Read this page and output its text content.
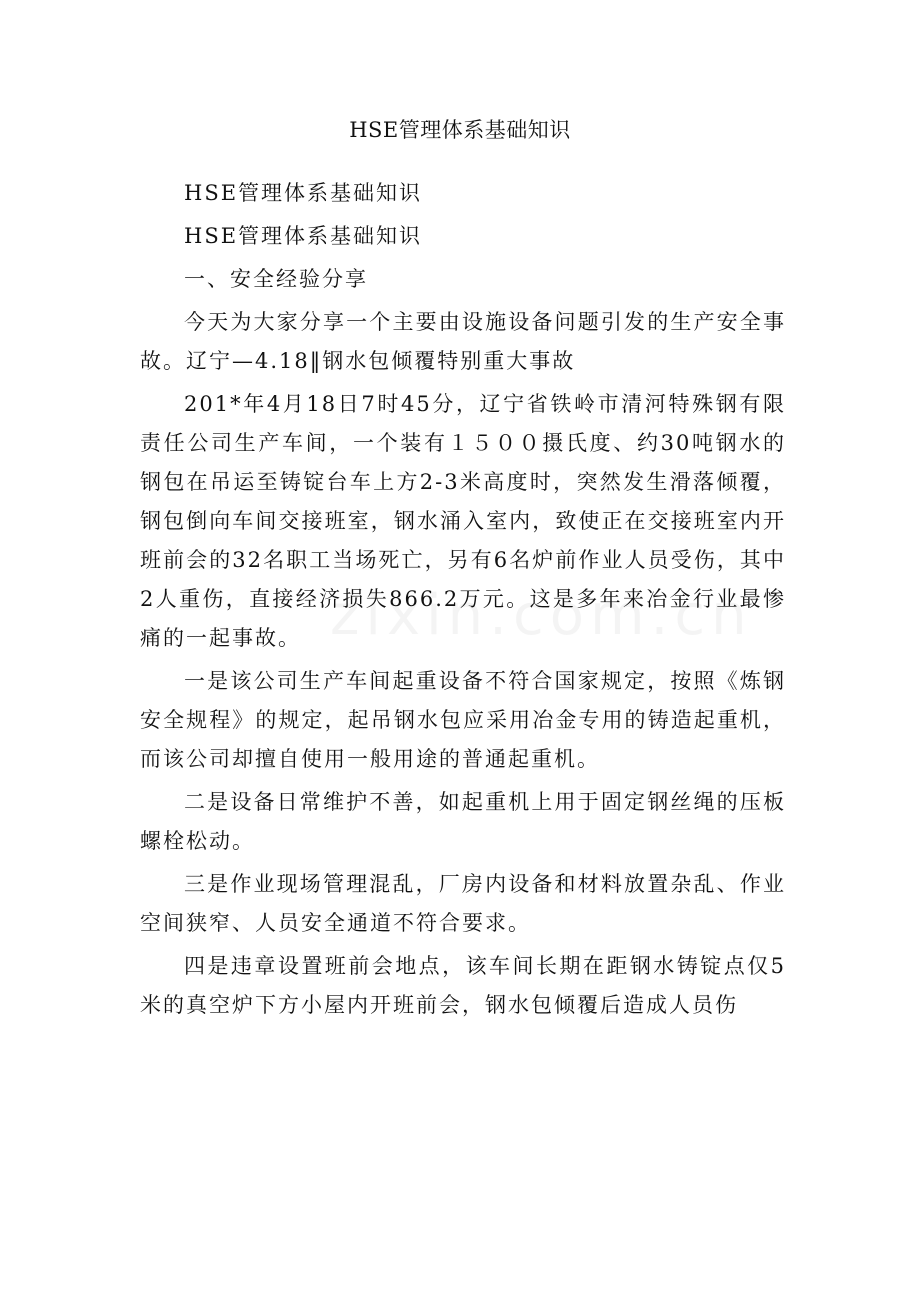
HSE管理体系基础知识

HSE管理体系基础知识

HSE管理体系基础知识

一、安全经验分享

今天为大家分享一个主要由设施设备问题引发的生产安全事故。辽宁—4.18‖钢水包倾覆特别重大事故

201*年4月18日7时45分，辽宁省铁岭市清河特殊钢有限责任公司生产车间，一个装有１５００摄氏度、约30吨钢水的钢包在吊运至铸锭台车上方2-3米高度时，突然发生滑落倾覆，钢包倒向车间交接班室，钢水涌入室内，致使正在交接班室内开班前会的32名职工当场死亡，另有6名炉前作业人员受伤，其中2人重伤，直接经济损失866.2万元。这是多年来冶金行业最惨痛的一起事故。

一是该公司生产车间起重设备不符合国家规定，按照《炼钢安全规程》的规定，起吊钢水包应采用冶金专用的铸造起重机，而该公司却擅自使用一般用途的普通起重机。

二是设备日常维护不善，如起重机上用于固定钢丝绳的压板螺栓松动。

三是作业现场管理混乱，厂房内设备和材料放置杂乱、作业空间狭窄、人员安全通道不符合要求。

四是违章设置班前会地点，该车间长期在距钢水铸锭点仅5米的真空炉下方小屋内开班前会，钢水包倾覆后造成人员伤
